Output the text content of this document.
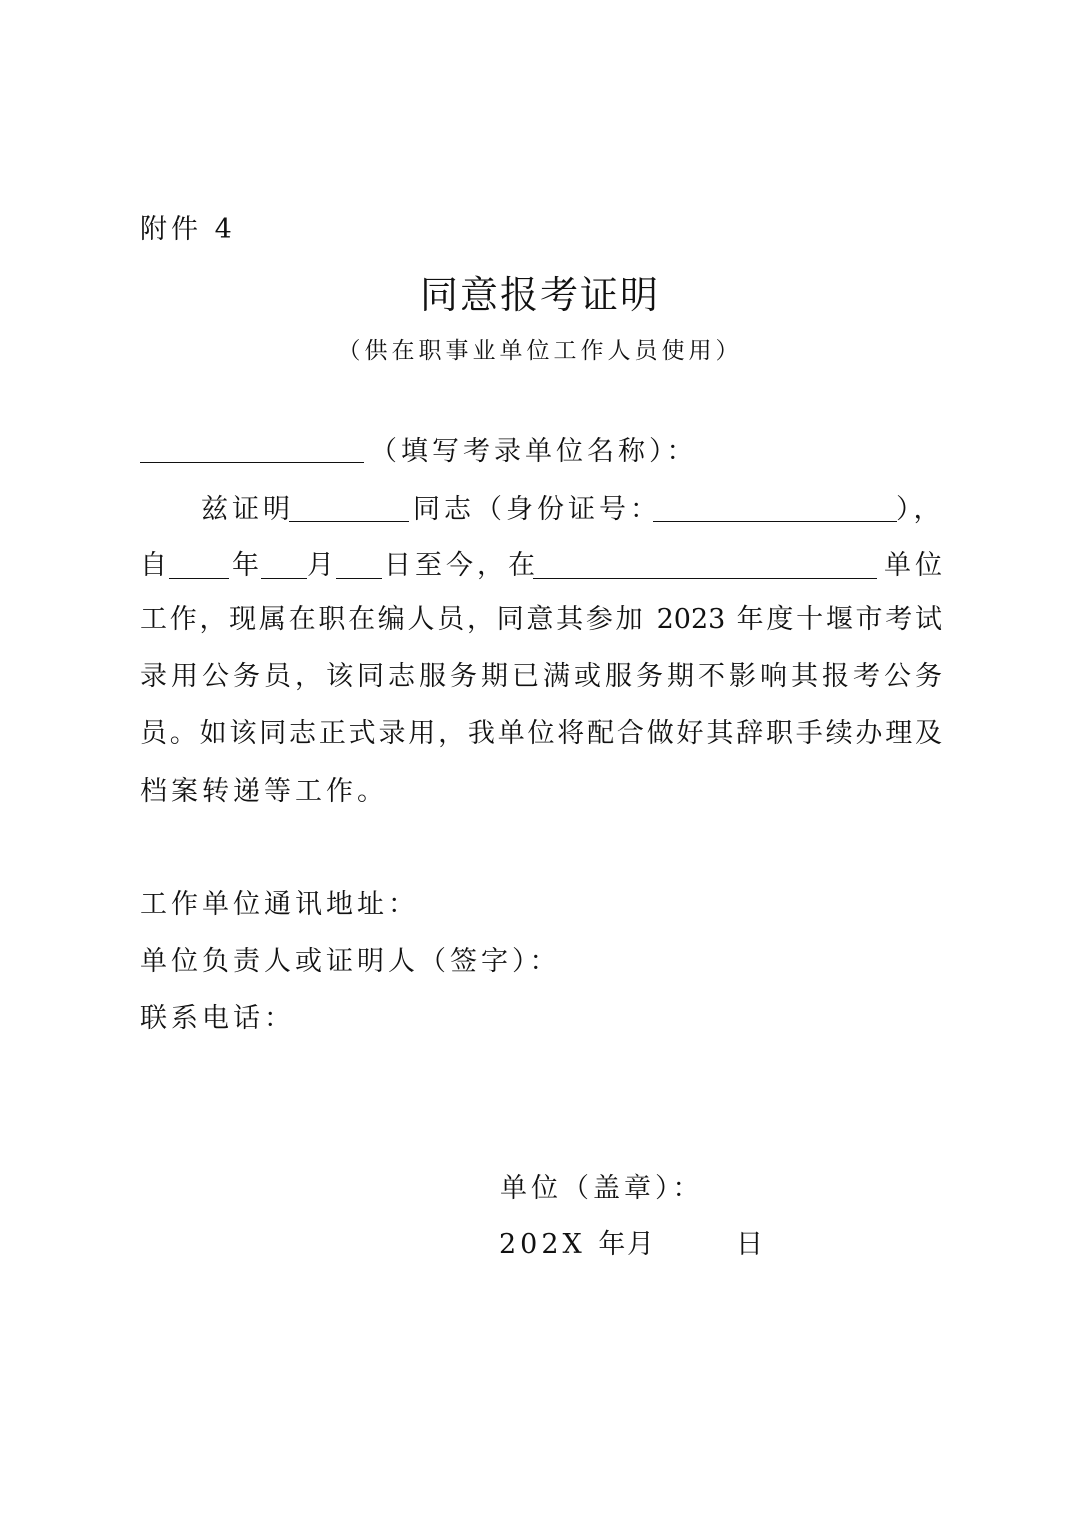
附件 4
同意报考证明
（供在职事业单位工作人员使用）
（填写考录单位名称）：
兹证明	同志（身份证号：	），
自 年 月 日至今，在	单位
工作，现属在职在编人员，同意其参加 2023 年度十堰市考试
录用公务员，该同志服务期已满或服务期不影响其报考公务
员。如该同志正式录用，我单位将配合做好其辞职手续办理及
档案转递等工作。
工作单位通讯地址：
单位负责人或证明人（签字）：
联系电话：
单位（盖章）：
202X 年
月	日
